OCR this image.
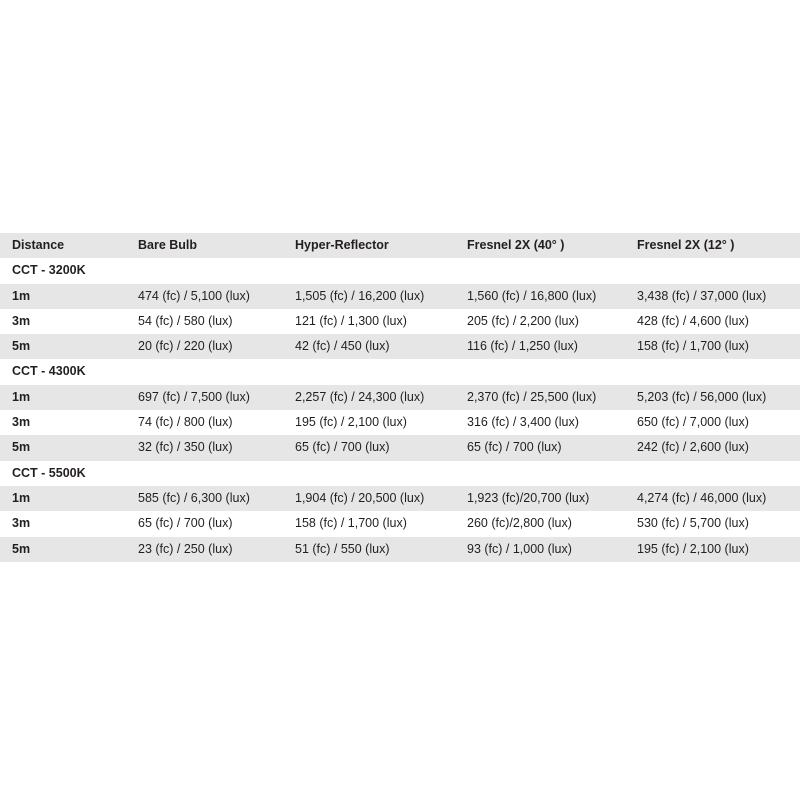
Distance	Bare Bulb	Hyper-Reflector	Fresnel 2X (40° )	Fresnel 2X (12° )
CCT - 3200K
1m	474 (fc) / 5,100 (lux)	1,505 (fc) / 16,200 (lux)	1,560 (fc) / 16,800 (lux)	3,438 (fc) / 37,000 (lux)
3m	54 (fc) / 580 (lux)	121 (fc) / 1,300 (lux)	205 (fc) / 2,200 (lux)	428 (fc) / 4,600 (lux)
5m	20 (fc) / 220 (lux)	42 (fc) / 450 (lux)	116 (fc) / 1,250 (lux)	158 (fc) / 1,700 (lux)
CCT - 4300K
1m	697 (fc) / 7,500 (lux)	2,257 (fc) / 24,300 (lux)	2,370 (fc) / 25,500 (lux)	5,203 (fc) / 56,000 (lux)
3m	74 (fc) / 800 (lux)	195 (fc) / 2,100 (lux)	316 (fc) / 3,400 (lux)	650 (fc) / 7,000 (lux)
5m	32 (fc) / 350 (lux)	65 (fc) / 700 (lux)	65 (fc) / 700 (lux)	242 (fc) / 2,600 (lux)
CCT - 5500K
1m	585 (fc) / 6,300 (lux)	1,904 (fc) / 20,500 (lux)	1,923 (fc)/20,700 (lux)	4,274 (fc) / 46,000 (lux)
3m	65 (fc) / 700 (lux)	158 (fc) / 1,700 (lux)	260 (fc)/2,800 (lux)	530 (fc) / 5,700 (lux)
5m	23 (fc) / 250 (lux)	51 (fc) / 550 (lux)	93 (fc) / 1,000 (lux)	195 (fc) / 2,100 (lux)
